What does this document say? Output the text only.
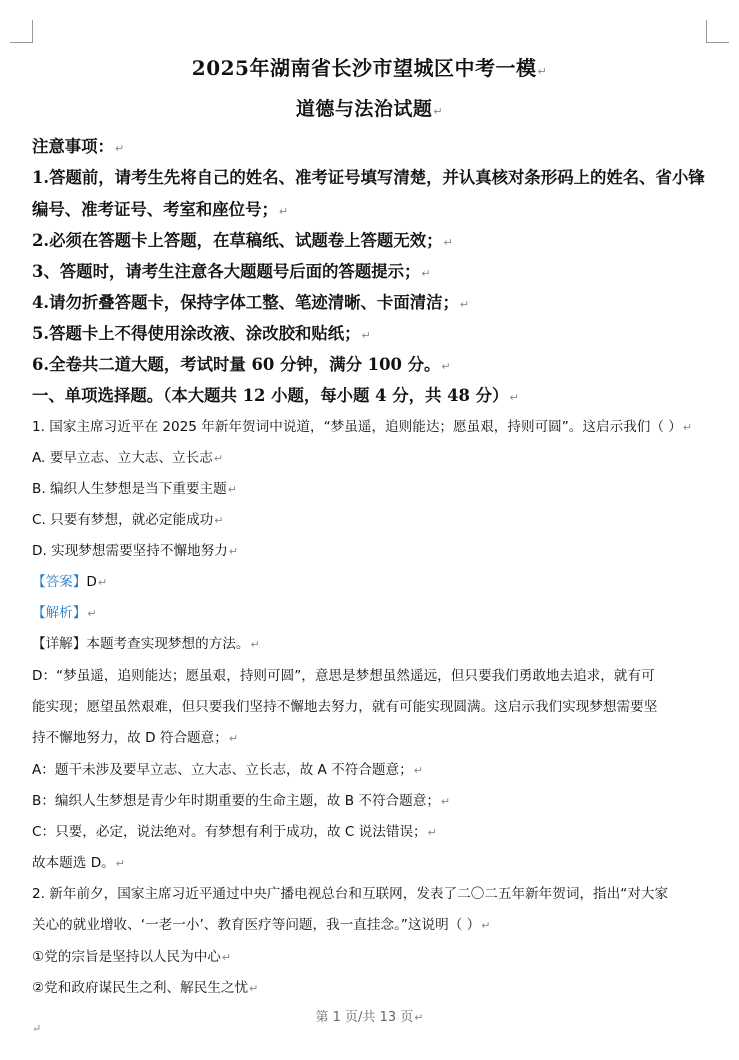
2025年湖南省长沙市望城区中考一模↵
道德与法治试题↵
注意事项：↵
1.答题前，请考生先将自己的姓名、准考证号填写清楚，并认真核对条形码上的姓名、省小锋
编号、准考证号、考室和座位号；↵
2.必须在答题卡上答题，在草稿纸、试题卷上答题无效；↵
3、答题时，请考生注意各大题题号后面的答题提示；↵
4.请勿折叠答题卡，保持字体工整、笔迹清晰、卡面清洁；↵
5.答题卡上不得使用涂改液、涂改胶和贴纸；↵
6.全卷共二道大题，考试时量 60 分钟，满分 100 分。↵
一、单项选择题。（本大题共 12 小题，每小题 4 分，共 48 分）↵
1. 国家主席习近平在 2025 年新年贺词中说道，“梦虽遥，追则能达；愿虽艰，持则可圆”。这启示我们（ ）↵
A. 要早立志、立大志、立长志↵
B. 编织人生梦想是当下重要主题↵
C. 只要有梦想，就必定能成功↵
D. 实现梦想需要坚持不懈地努力↵
【答案】D↵
【解析】↵
【详解】本题考查实现梦想的方法。↵
D：“梦虽遥，追则能达；愿虽艰，持则可圆”，意思是梦想虽然遥远，但只要我们勇敢地去追求，就有可
能实现；愿望虽然艰难，但只要我们坚持不懈地去努力，就有可能实现圆满。这启示我们实现梦想需要坚
持不懈地努力，故 D 符合题意；↵
A：题干未涉及要早立志、立大志、立长志，故 A 不符合题意；↵
B：编织人生梦想是青少年时期重要的生命主题，故 B 不符合题意；↵
C：只要，必定，说法绝对。有梦想有利于成功，故 C 说法错误；↵
故本题选 D。↵
2. 新年前夕，国家主席习近平通过中央广播电视总台和互联网，发表了二〇二五年新年贺词，指出“对大家
关心的就业增收、‘一老一小’、教育医疗等问题，我一直挂念。”这说明（ ）↵
①党的宗旨是坚持以人民为中心↵
②党和政府谋民生之利、解民生之忧↵
第 1 页/共 13 页↵
↵
